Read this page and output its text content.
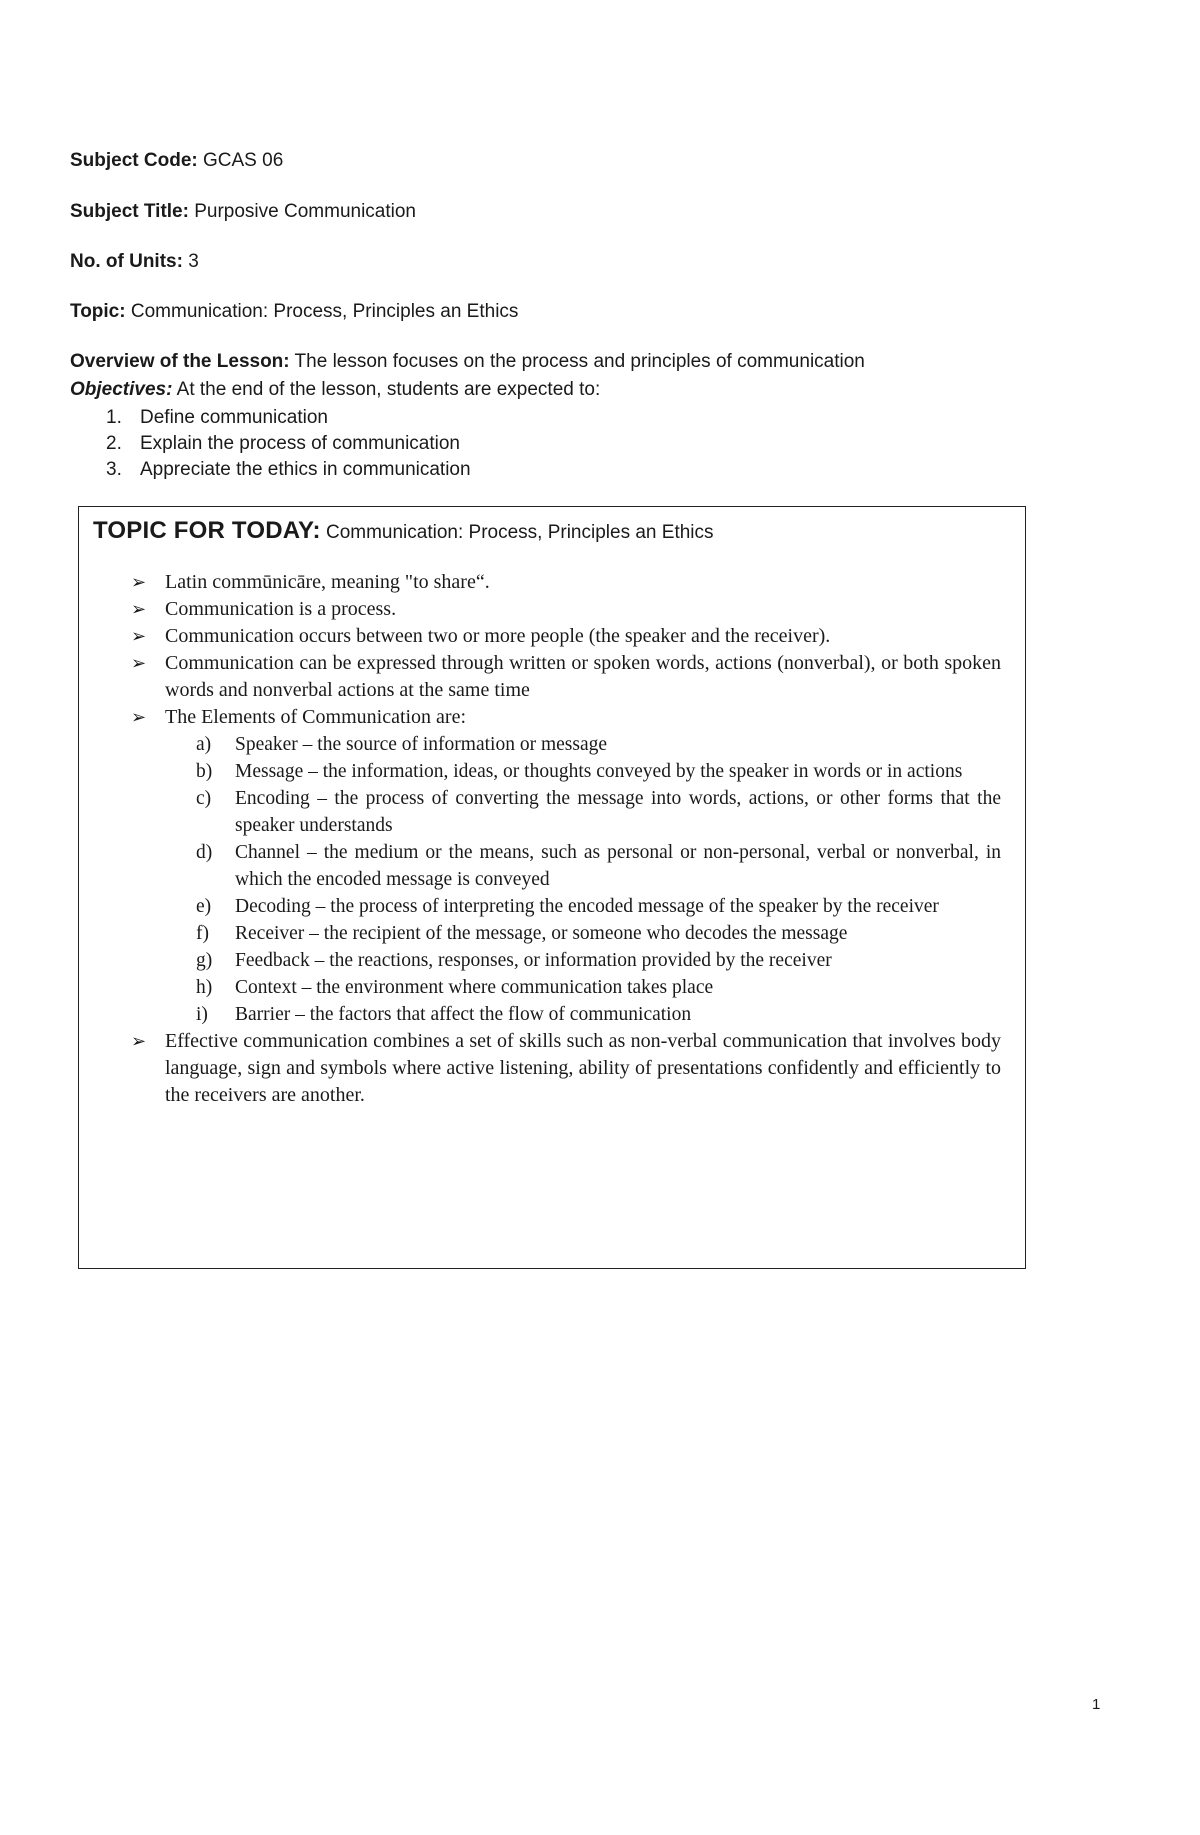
Subject Code: GCAS 06
Subject Title: Purposive Communication
No. of Units: 3
Topic: Communication: Process, Principles an Ethics
Overview of the Lesson: The lesson focuses on the process and principles of communication
Objectives: At the end of the lesson, students are expected to:
1. Define communication
2. Explain the process of communication
3. Appreciate the ethics in communication
TOPIC FOR TODAY: Communication: Process, Principles an Ethics
➢ Latin commūnicāre, meaning "to share“.
➢ Communication is a process.
➢ Communication occurs between two or more people (the speaker and the receiver).
➢ Communication can be expressed through written or spoken words, actions (nonverbal), or both spoken words and nonverbal actions at the same time
➢ The Elements of Communication are:
a) Speaker – the source of information or message
b) Message – the information, ideas, or thoughts conveyed by the speaker in words or in actions
c) Encoding – the process of converting the message into words, actions, or other forms that the speaker understands
d) Channel – the medium or the means, such as personal or non-personal, verbal or nonverbal, in which the encoded message is conveyed
e) Decoding – the process of interpreting the encoded message of the speaker by the receiver
f) Receiver – the recipient of the message, or someone who decodes the message
g) Feedback – the reactions, responses, or information provided by the receiver
h) Context – the environment where communication takes place
i) Barrier – the factors that affect the flow of communication
➢ Effective communication combines a set of skills such as non-verbal communication that involves body language, sign and symbols where active listening, ability of presentations confidently and efficiently to the receivers are another.
1
